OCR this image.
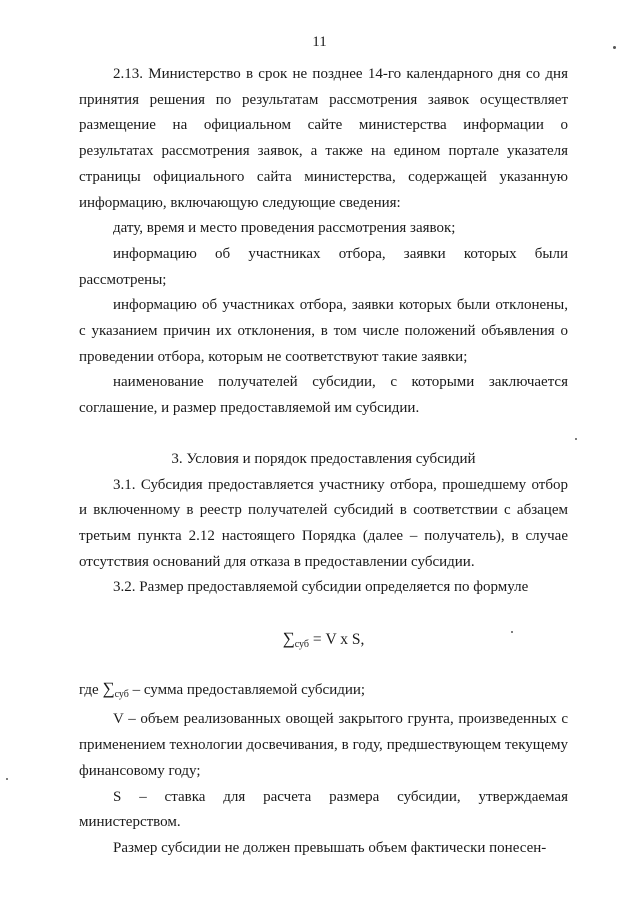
11

2.13. Министерство в срок не позднее 14-го календарного дня со дня принятия решения по результатам рассмотрения заявок осуществляет размещение на официальном сайте министерства информации о результатах рассмотрения заявок, а также на едином портале указателя страницы официального сайта министерства, содержащей указанную информацию, включающую следующие сведения:

дату, время и место проведения рассмотрения заявок;

информацию об участниках отбора, заявки которых были рассмотрены;

информацию об участниках отбора, заявки которых были отклонены, с указанием причин их отклонения, в том числе положений объявления о проведении отбора, которым не соответствуют такие заявки;

наименование получателей субсидии, с которыми заключается соглашение, и размер предоставляемой им субсидии.

3. Условия и порядок предоставления субсидий

3.1. Субсидия предоставляется участнику отбора, прошедшему отбор и включенному в реестр получателей субсидий в соответствии с абзацем третьим пункта 2.12 настоящего Порядка (далее – получатель), в случае отсутствия оснований для отказа в предоставлении субсидии.

3.2. Размер предоставляемой субсидии определяется по формуле

$\sum_{суб} = V$ x S,

где $\sum_{суб}$ – сумма предоставляемой субсидии;

V – объем реализованных овощей закрытого грунта, произведенных с применением технологии досвечивания, в году, предшествующем текущему финансовому году;

S – ставка для расчета размера субсидии, утверждаемая министерством.

Размер субсидии не должен превышать объем фактически понесен-
